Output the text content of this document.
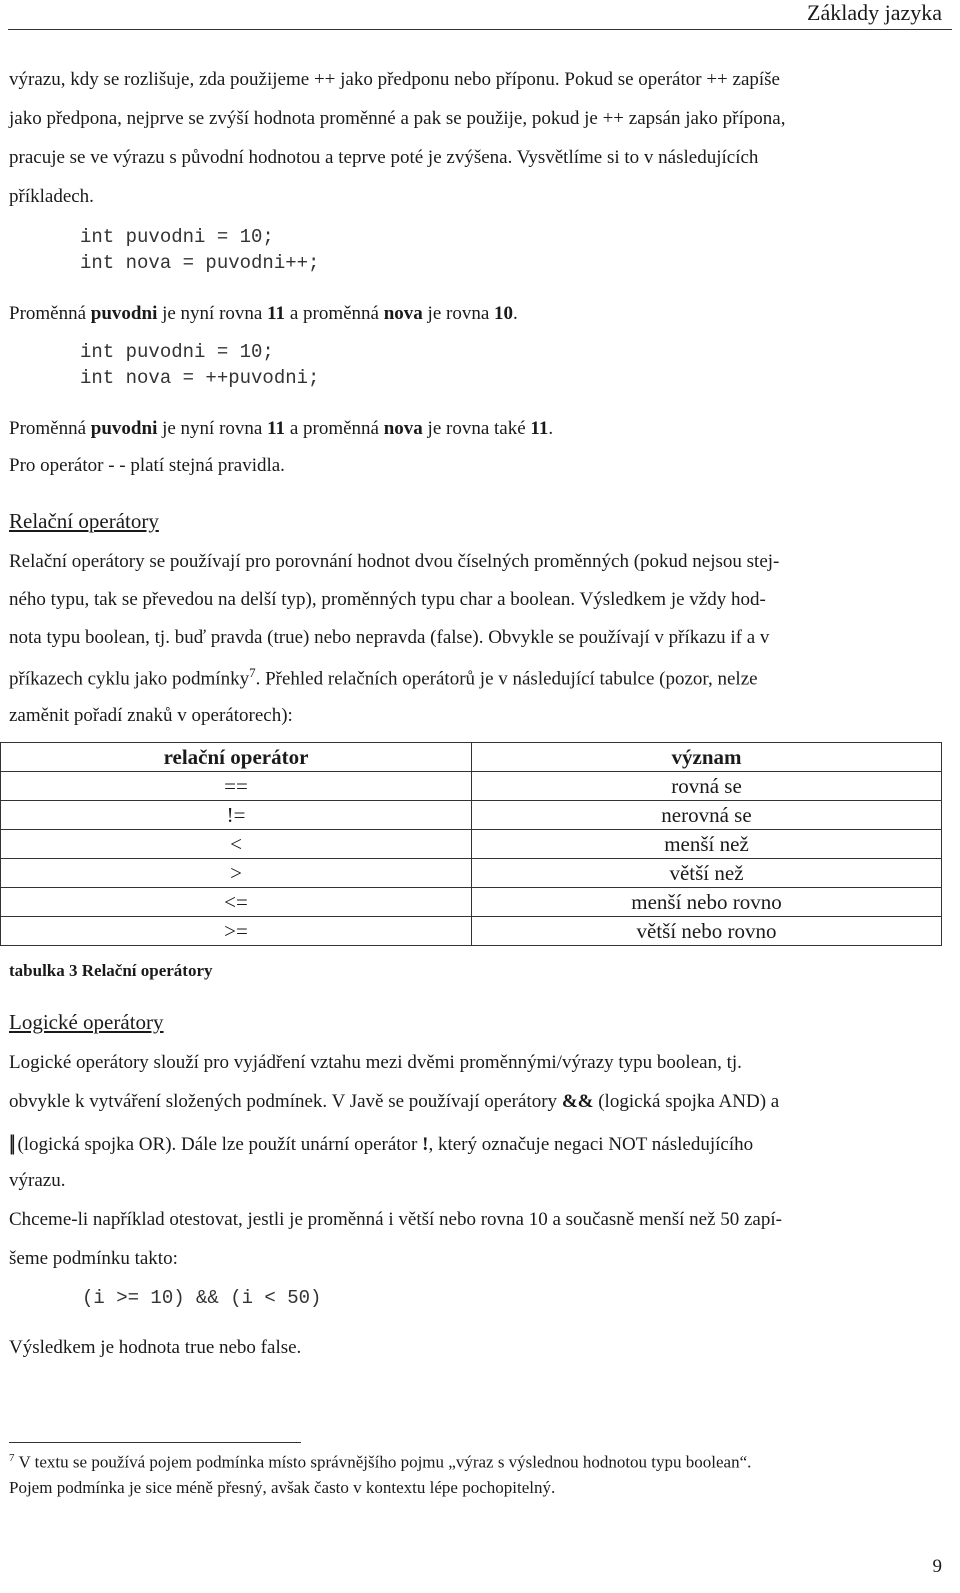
Základy jazyka
výrazu, kdy se rozlišuje, zda použijeme ++ jako předponu nebo příponu. Pokud se operátor ++ zapíše
jako předpona, nejprve se zvýší hodnota proměnné a pak se použije, pokud je ++ zapsán jako přípona,
pracuje se ve výrazu s původní hodnotou a teprve poté je zvýšena. Vysvětlíme si to v následujících
příkladech.
int puvodni = 10;
int nova = puvodni++;
Proměnná puvodni je nyní rovna 11 a proměnná nova je rovna 10.
int puvodni = 10;
int nova = ++puvodni;
Proměnná puvodni je nyní rovna 11 a proměnná nova je rovna také 11.
Pro operátor - - platí stejná pravidla.
Relační operátory
Relační operátory se používají pro porovnání hodnot dvou číselných proměnných (pokud nejsou stej-
ného typu, tak se převedou na delší typ), proměnných typu char a boolean. Výsledkem je vždy hod-
nota typu boolean, tj. buď pravda (true) nebo nepravda (false). Obvykle se používají v příkazu if a v
příkazech cyklu jako podmínky$^7$. Přehled relačních operátorů je v následující tabulce (pozor, nelze
zaměnit pořadí znaků v operátorech):
relační operátor	význam
==	rovná se
!=	nerovná se
<	menší než
>	větší než
<=	menší nebo rovno
>=	větší nebo rovno
tabulka 3 Relační operátory
Logické operátory
Logické operátory slouží pro vyjádření vztahu mezi dvěmi proměnnými/výrazy typu boolean, tj.
obvykle k vytváření složených podmínek. V Javě se používají operátory && (logická spojka AND) a
|| (logická spojka OR). Dále lze použít unární operátor !, který označuje negaci NOT následujícího
výrazu.
Chceme-li například otestovat, jestli je proměnná i větší nebo rovna 10 a současně menší než 50 zapí-
šeme podmínku takto:
(i >= 10) && (i < 50)
Výsledkem je hodnota true nebo false.
$^7$ V textu se používá pojem podmínka místo správnějšího pojmu „výraz s výslednou hodnotou typu boolean“.
Pojem podmínka je sice méně přesný, avšak často v kontextu lépe pochopitelný.
9
